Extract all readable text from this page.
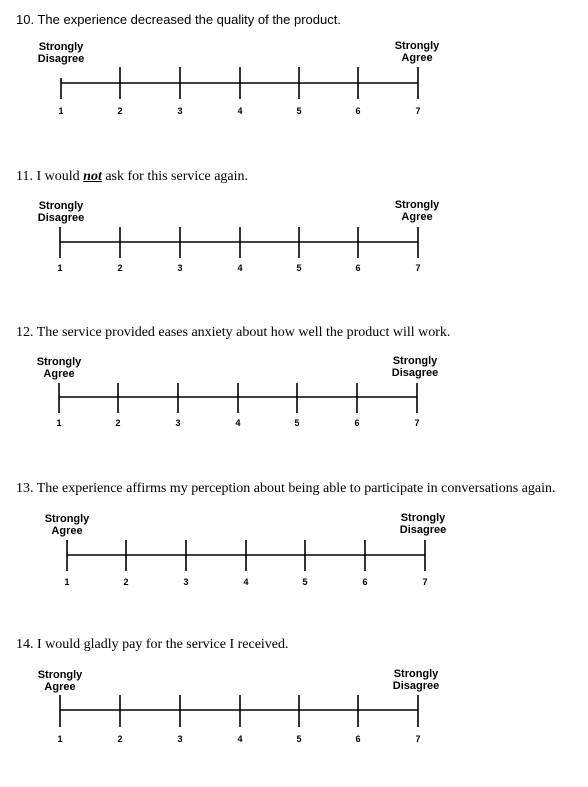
10. The experience decreased the quality of the product.
Strongly
Disagree
Strongly
Agree
1	2	3	4	5	6	7
11. I would not ask for this service again.
Strongly
Disagree
Strongly
Agree
1	2	3	4	5	6	7
12. The service provided eases anxiety about how well the product will work.
Strongly
Agree
Strongly
Disagree
1	2	3	4	5	6	7
13. The experience affirms my perception about being able to participate in conversations again.
Strongly
Agree
Strongly
Disagree
1	2	3	4	5	6	7
14. I would gladly pay for the service I received.
Strongly
Agree
Strongly
Disagree
1	2	3	4	5	6	7
